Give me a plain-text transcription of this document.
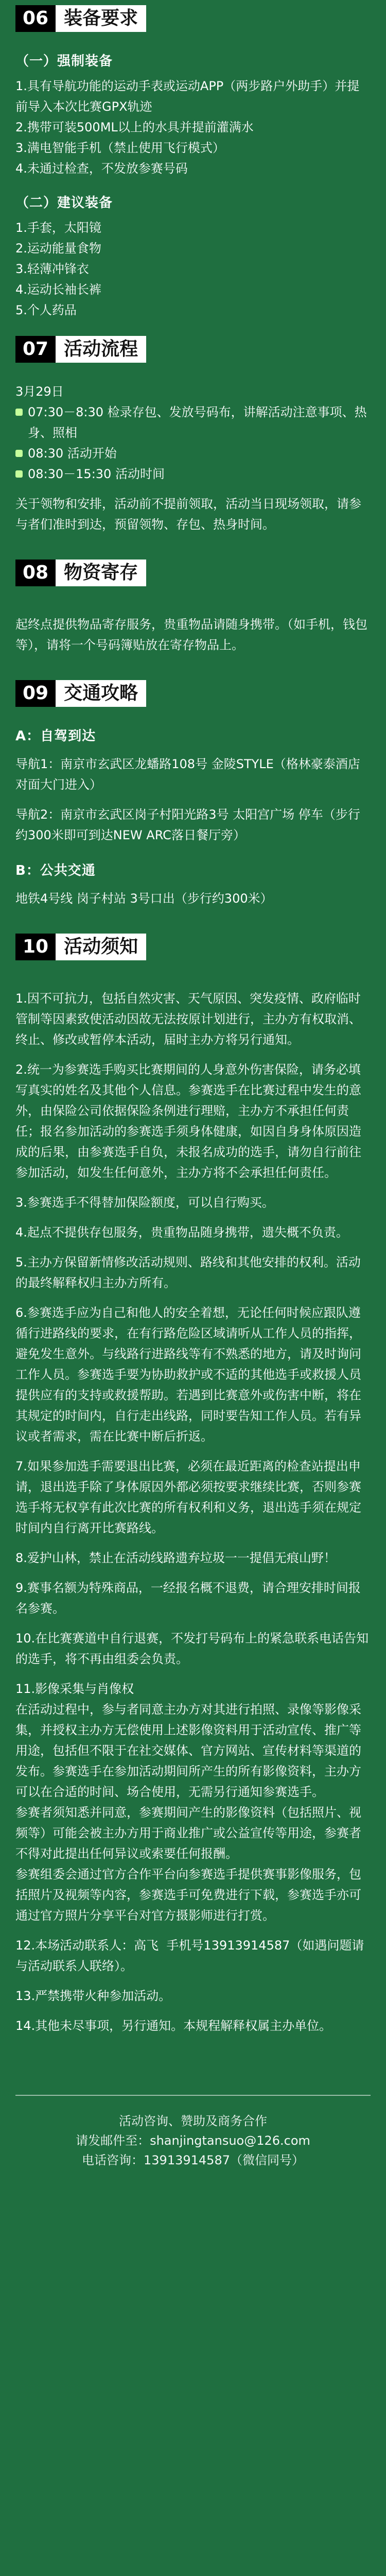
06 装备要求
（一）强制装备
1.具有导航功能的运动手表或运动APP（两步路户外助手）并提前导入本次比赛GPX轨迹
2.携带可装500ML以上的水具并提前灌满水
3.满电智能手机（禁止使用飞行模式）
4.未通过检查，不发放参赛号码
（二）建议装备
1.手套，太阳镜
2.运动能量食物
3.轻薄冲锋衣
4.运动长袖长裤
5.个人药品
07 活动流程
3月29日
07:30－8:30 检录存包、发放号码布，讲解活动注意事项、热身、照相
08:30 活动开始
08:30－15:30 活动时间
关于领物和安排，活动前不提前领取，活动当日现场领取，请参与者们准时到达，预留领物、存包、热身时间。
08 物资寄存
起终点提供物品寄存服务，贵重物品请随身携带。（如手机，钱包等），请将一个号码簿贴放在寄存物品上。
09 交通攻略
A：自驾到达
导航1：南京市玄武区龙蟠路108号 金陵STYLE（格林豪泰酒店对面大门进入）
导航2：南京市玄武区岗子村阳光路3号 太阳宫广场 停车（步行约300米即可到达NEW ARC落日餐厅旁）
B：公共交通
地铁4号线 岗子村站 3号口出（步行约300米）
10 活动须知
1.因不可抗力，包括自然灾害、天气原因、突发疫情、政府临时管制等因素致使活动因故无法按原计划进行，主办方有权取消、终止、修改或暂停本活动，届时主办方将另行通知。
2.统一为参赛选手购买比赛期间的人身意外伤害保险，请务必填写真实的姓名及其他个人信息。参赛选手在比赛过程中发生的意外，由保险公司依据保险条例进行理赔，主办方不承担任何责任；报名参加活动的参赛选手须身体健康，如因自身身体原因造成的后果，由参赛选手自负，未报名成功的选手，请勿自行前往参加活动，如发生任何意外，主办方将不会承担任何责任。
3.参赛选手不得替加保险额度，可以自行购买。
4.起点不提供存包服务，贵重物品随身携带，遗失概不负责。
5.主办方保留新情修改活动规则、路线和其他安排的权利。活动的最终解释权归主办方所有。
6.参赛选手应为自己和他人的安全着想，无论任何时候应跟队遵循行进路线的要求，在有行路危险区域请听从工作人员的指挥，避免发生意外。与线路行进路线等有不熟悉的地方，请及时询问工作人员。参赛选手要为协助救护或不适的其他选手或救援人员提供应有的支持或救援帮助。若遇到比赛意外或伤害中断，将在其规定的时间内，自行走出线路，同时要告知工作人员。若有异议或者需求，需在比赛中断后折返。
7.如果参加选手需要退出比赛，必须在最近距离的检查站提出申请，退出选手除了身体原因外都必须按要求继续比赛，否则参赛选手将无权享有此次比赛的所有权利和义务，退出选手须在规定时间内自行离开比赛路线。
8.爱护山林，禁止在活动线路遗弃垃圾一一提倡无痕山野！
9.赛事名额为特殊商品，一经报名概不退费，请合理安排时间报名参赛。
10.在比赛赛道中自行退赛，不发打号码布上的紧急联系电话告知的选手，将不再由组委会负责。
11.影像采集与肖像权
在活动过程中，参与者同意主办方对其进行拍照、录像等影像采集，并授权主办方无偿使用上述影像资料用于活动宣传、推广等用途，包括但不限于在社交媒体、官方网站、宣传材料等渠道的发布。参赛选手在参加活动期间所产生的所有影像资料，主办方可以在合适的时间、场合使用，无需另行通知参赛选手。
参赛者须知悉并同意，参赛期间产生的影像资料（包括照片、视频等）可能会被主办方用于商业推广或公益宣传等用途，参赛者不得对此提出任何异议或索要任何报酬。
参赛组委会通过官方合作平台向参赛选手提供赛事影像服务，包括照片及视频等内容，参赛选手可免费进行下载，参赛选手亦可通过官方照片分享平台对官方摄影师进行打赏。
12.本场活动联系人：高飞  手机号13913914587（如遇问题请与活动联系人联络）。
13.严禁携带火种参加活动。
14.其他未尽事项，另行通知。本规程解释权属主办单位。
活动咨询、赞助及商务合作
请发邮件至：shanjingtansuo@126.com
电话咨询：13913914587（微信同号）
